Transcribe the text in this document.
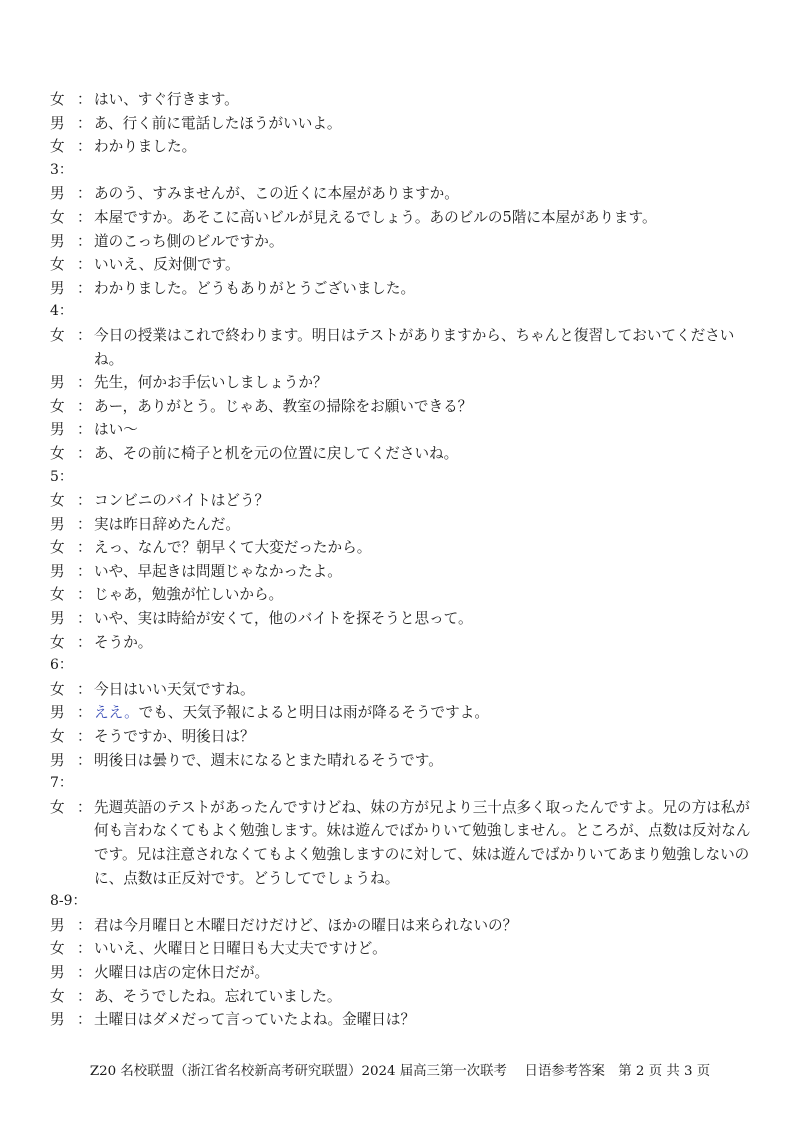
女 ： はい、すぐ行きます。
男 ： あ、行く前に電話したほうがいいよ。
女 ： わかりました。
3：
男 ： あのう、すみませんが、この近くに本屋がありますか。
女 ： 本屋ですか。あそこに高いビルが見えるでしょう。あのビルの5階に本屋があります。
男 ： 道のこっち側のビルですか。
女 ： いいえ、反対側です。
男 ： わかりました。どうもありがとうございました。
4：
女 ： 今日の授業はこれで終わります。明日はテストがありますから、ちゃんと復習しておいてください ね。
男 ： 先生，何かお手伝いしましょうか？
女 ： あー，ありがとう。じゃあ、教室の掃除をお願いできる？
男 ： はい～
女 ： あ、その前に椅子と机を元の位置に戻してくださいね。
5：
女 ： コンビニのバイトはどう？
男 ： 実は昨日辞めたんだ。
女 ： えっ、なんで？朝早くて大変だったから。
男 ： いや、早起きは問題じゃなかったよ。
女 ： じゃあ，勉強が忙しいから。
男 ： いや、実は時給が安くて，他のバイトを探そうと思って。
女 ： そうか。
6：
女 ： 今日はいい天気ですね。
男 ： ええ。でも、天気予報によると明日は雨が降るそうですよ。
女 ： そうですか、明後日は？
男 ： 明後日は曇りで、週末になるとまた晴れるそうです。
7：
女 ： 先週英語のテストがあったんですけどね、妹の方が兄より三十点多く取ったんですよ。兄の方は私が何も言わなくてもよく勉強します。妹は遊んでばかりいて勉強しません。ところが、点数は反対なんです。兄は注意されなくてもよく勉強しますのに対して、妹は遊んでばかりいてあまり勉強しないのに、点数は正反対です。どうしてでしょうね。
8-9：
男 ： 君は今月曜日と木曜日だけだけど、ほかの曜日は来られないの？
女 ： いいえ、火曜日と日曜日も大丈夫ですけど。
男 ： 火曜日は店の定休日だが。
女 ： あ、そうでしたね。忘れていました。
男 ： 土曜日はダメだって言っていたよね。金曜日は？
Z20 名校联盟（浙江省名校新高考研究联盟）2024 届高三第一次联考　 日语参考答案　第 2 页 共 3 页
